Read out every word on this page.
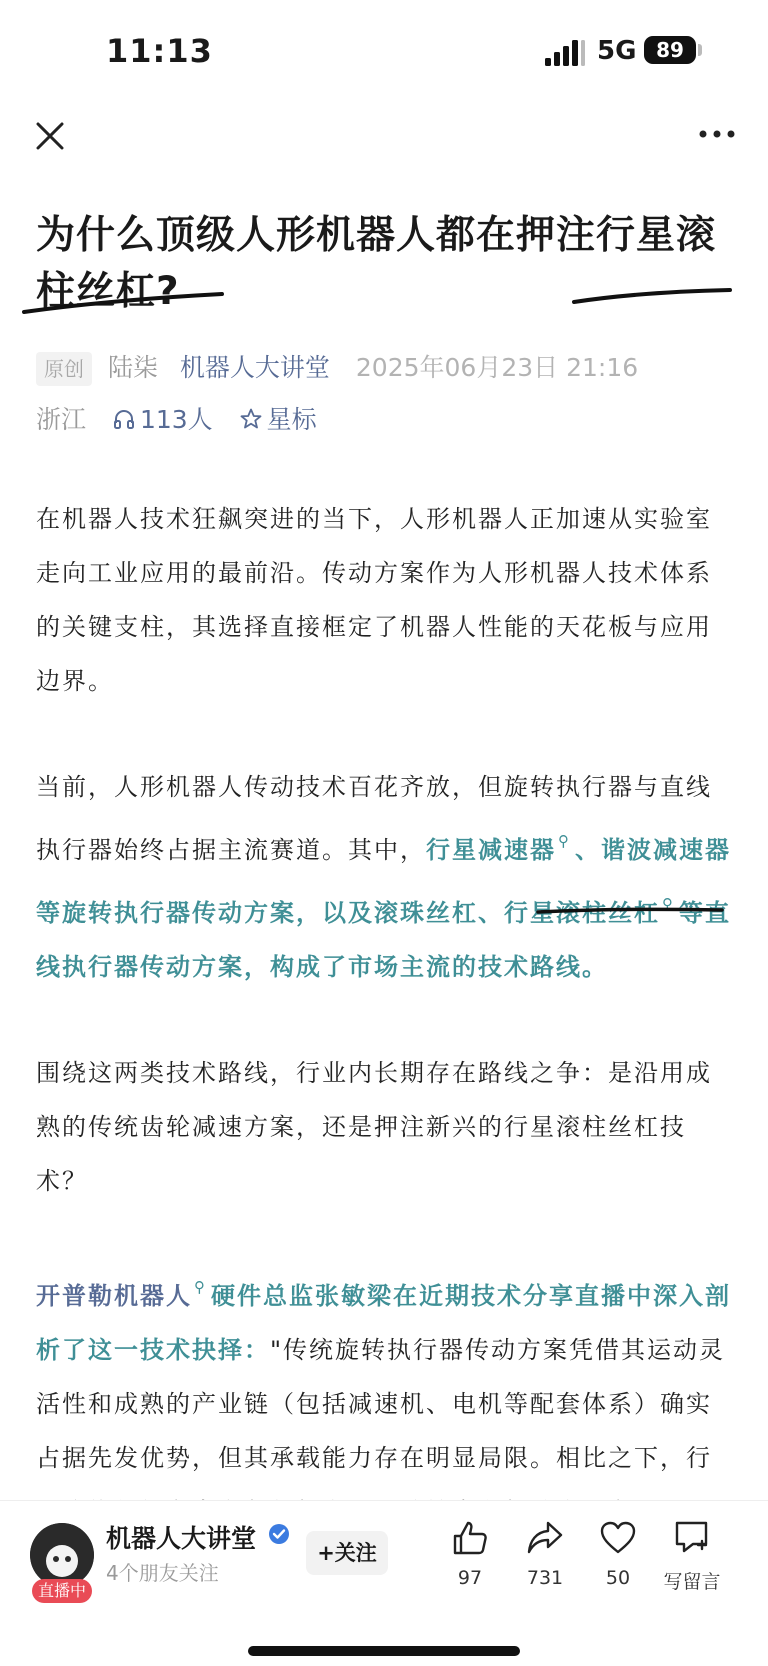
11:13	5G 89
为什么顶级人形机器人都在押注行星滚柱丝杠?
原创 陆柒 机器人大讲堂 2025年06月23日 21:16
浙江 113人 星标

在机器人技术狂飙突进的当下，人形机器人正加速从实验室走向工业应用的最前沿。传动方案作为人形机器人技术体系的关键支柱，其选择直接框定了机器人性能的天花板与应用边界。

当前，人形机器人传动技术百花齐放，但旋转执行器与直线执行器始终占据主流赛道。其中，行星减速器 ⚲ 、谐波减速器等旋转执行器传动方案，以及滚珠丝杠、行星滚柱丝杠 ⚲ 等直线执行器传动方案，构成了市场主流的技术路线。

围绕这两类技术路线，行业内长期存在路线之争：是沿用成熟的传统齿轮减速方案，还是押注新兴的行星滚柱丝杠技术？

开普勒机器人 ⚲ 硬件总监张敏梁在近期技术分享直播中深入剖析了这一技术抉择："传统旋转执行器传动方案凭借其运动灵活性和成熟的产业链（包括减速机、电机等配套体系）确实占据先发优势，但其承载能力存在明显局限。相比之下，行

直播中
机器人大讲堂
4个朋友关注
+关注
97	731	50	写留言
